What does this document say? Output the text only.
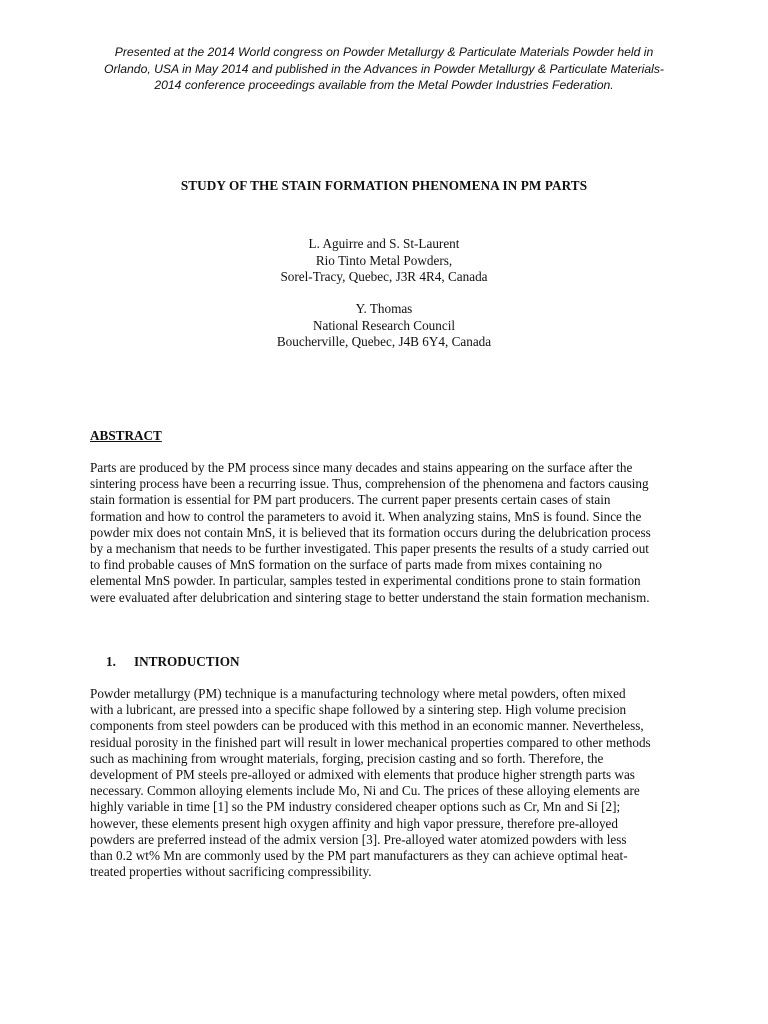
Presented at the 2014 World congress on Powder Metallurgy & Particulate Materials Powder held in
Orlando, USA in May 2014 and published in the Advances in Powder Metallurgy & Particulate Materials-
2014 conference proceedings available from the Metal Powder Industries Federation.
STUDY OF THE STAIN FORMATION PHENOMENA IN PM PARTS
L. Aguirre and S. St-Laurent
Rio Tinto Metal Powders,
Sorel-Tracy, Quebec, J3R 4R4, Canada
Y. Thomas
National Research Council
Boucherville, Quebec, J4B 6Y4, Canada
ABSTRACT
Parts are produced by the PM process since many decades and stains appearing on the surface after the
sintering process have been a recurring issue. Thus, comprehension of the phenomena and factors causing
stain formation is essential for PM part producers. The current paper presents certain cases of stain
formation and how to control the parameters to avoid it. When analyzing stains, MnS is found. Since the
powder mix does not contain MnS, it is believed that its formation occurs during the delubrication process
by a mechanism that needs to be further investigated. This paper presents the results of a study carried out
to find probable causes of MnS formation on the surface of parts made from mixes containing no
elemental MnS powder. In particular, samples tested in experimental conditions prone to stain formation
were evaluated after delubrication and sintering stage to better understand the stain formation mechanism.
1. INTRODUCTION
Powder metallurgy (PM) technique is a manufacturing technology where metal powders, often mixed
with a lubricant, are pressed into a specific shape followed by a sintering step. High volume precision
components from steel powders can be produced with this method in an economic manner. Nevertheless,
residual porosity in the finished part will result in lower mechanical properties compared to other methods
such as machining from wrought materials, forging, precision casting and so forth. Therefore, the
development of PM steels pre-alloyed or admixed with elements that produce higher strength parts was
necessary. Common alloying elements include Mo, Ni and Cu. The prices of these alloying elements are
highly variable in time [1] so the PM industry considered cheaper options such as Cr, Mn and Si [2];
however, these elements present high oxygen affinity and high vapor pressure, therefore pre-alloyed
powders are preferred instead of the admix version [3]. Pre-alloyed water atomized powders with less
than 0.2 wt% Mn are commonly used by the PM part manufacturers as they can achieve optimal heat-
treated properties without sacrificing compressibility.
